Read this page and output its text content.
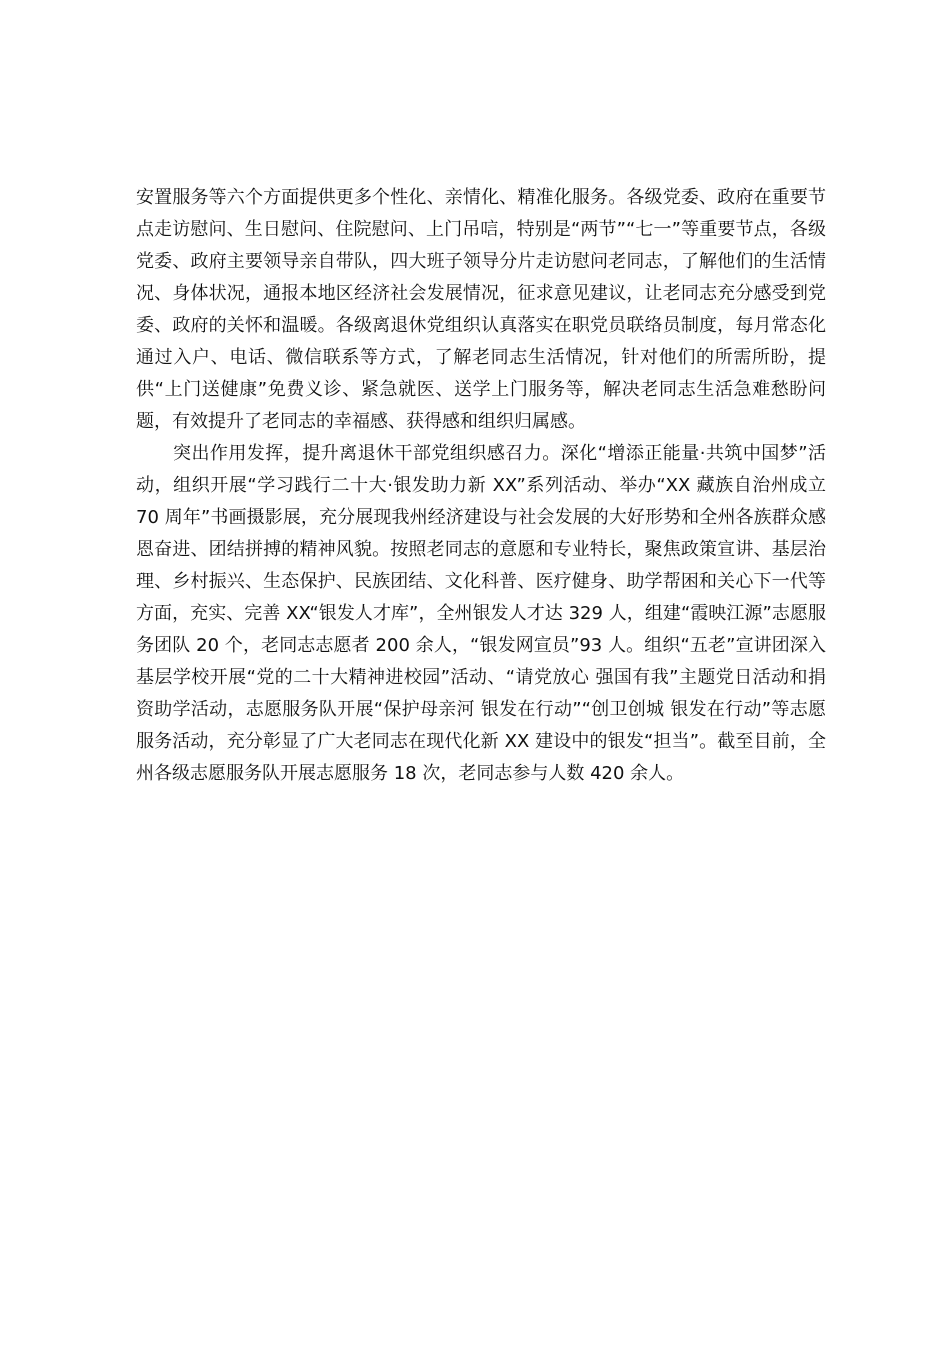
安置服务等六个方面提供更多个性化、亲情化、精准化服务。各级党委、政府在重要节点走访慰问、生日慰问、住院慰问、上门吊唁，特别是“两节”“七一”等重要节点，各级党委、政府主要领导亲自带队，四大班子领导分片走访慰问老同志，了解他们的生活情况、身体状况，通报本地区经济社会发展情况，征求意见建议，让老同志充分感受到党委、政府的关怀和温暖。各级离退休党组织认真落实在职党员联络员制度，每月常态化通过入户、电话、微信联系等方式，了解老同志生活情况，针对他们的所需所盼，提供“上门送健康”免费义诊、紧急就医、送学上门服务等，解决老同志生活急难愁盼问题，有效提升了老同志的幸福感、获得感和组织归属感。

突出作用发挥，提升离退休干部党组织感召力。深化“增添正能量·共筑中国梦”活动，组织开展“学习践行二十大·银发助力新 XX”系列活动、举办“XX 藏族自治州成立 70 周年”书画摄影展，充分展现我州经济建设与社会发展的大好形势和全州各族群众感恩奋进、团结拼搏的精神风貌。按照老同志的意愿和专业特长，聚焦政策宣讲、基层治理、乡村振兴、生态保护、民族团结、文化科普、医疗健身、助学帮困和关心下一代等方面，充实、完善 XX“银发人才库”，全州银发人才达 329 人，组建“霞映江源”志愿服务团队 20 个，老同志志愿者 200 余人，“银发网宣员”93 人。组织“五老”宣讲团深入基层学校开展“党的二十大精神进校园”活动、“请党放心 强国有我”主题党日活动和捐资助学活动，志愿服务队开展“保护母亲河 银发在行动”“创卫创城 银发在行动”等志愿服务活动，充分彰显了广大老同志在现代化新 XX 建设中的银发“担当”。截至目前，全州各级志愿服务队开展志愿服务 18 次，老同志参与人数 420 余人。
